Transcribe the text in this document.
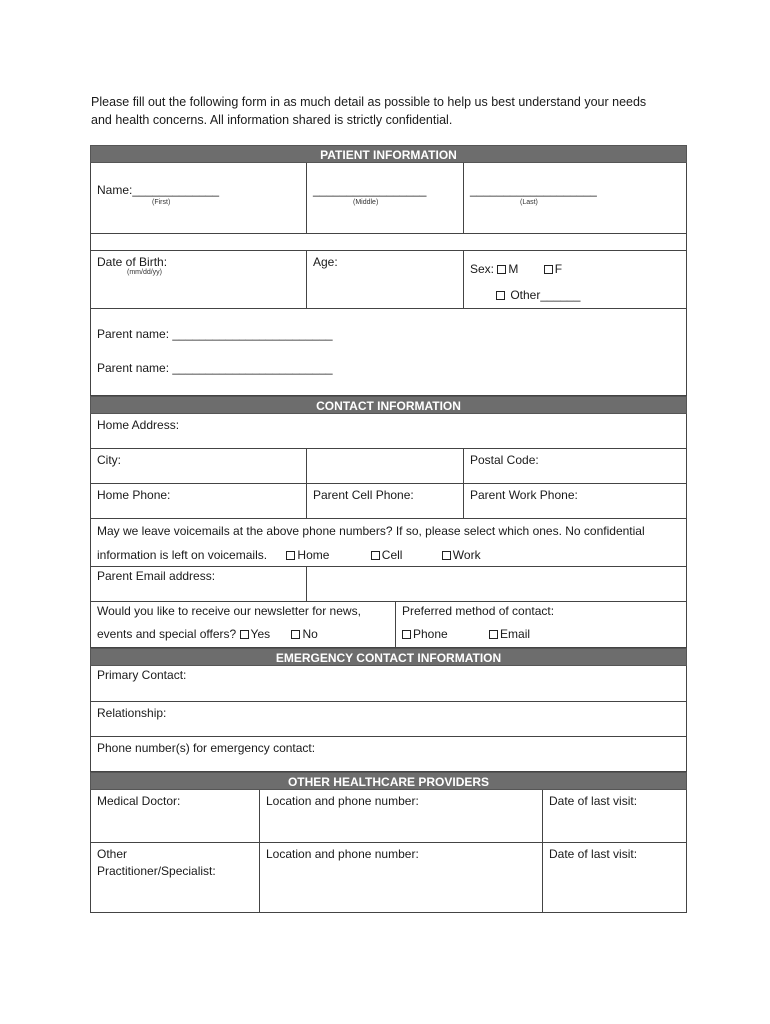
Please fill out the following form in as much detail as possible to help us best understand your needs
and health concerns. All information shared is strictly confidential.
PATIENT INFORMATION
Name:_____________
(First)
_________________
(Middle)
___________________
(Last)
Date of Birth:
(mm/dd/yy)
Age:	Sex: M	F
Other______
Parent name: ________________________
Parent name: ________________________
CONTACT INFORMATION
Home Address:
City:	Postal Code:
Home Phone:	Parent Cell Phone:	Parent Work Phone:
May we leave voicemails at the above phone numbers? If so, please select which ones. No confidential
information is left on voicemails.	Home	Cell	Work
Parent Email address:
Would you like to receive our newsletter for news,
events and special offers? Yes	No
Preferred method of contact:
Phone	Email
EMERGENCY CONTACT INFORMATION
Primary Contact:
Relationship:
Phone number(s) for emergency contact:
OTHER HEALTHCARE PROVIDERS
Medical Doctor:	Location and phone number:	Date of last visit:
Other
Practitioner/Specialist:
Location and phone number:	Date of last visit:
